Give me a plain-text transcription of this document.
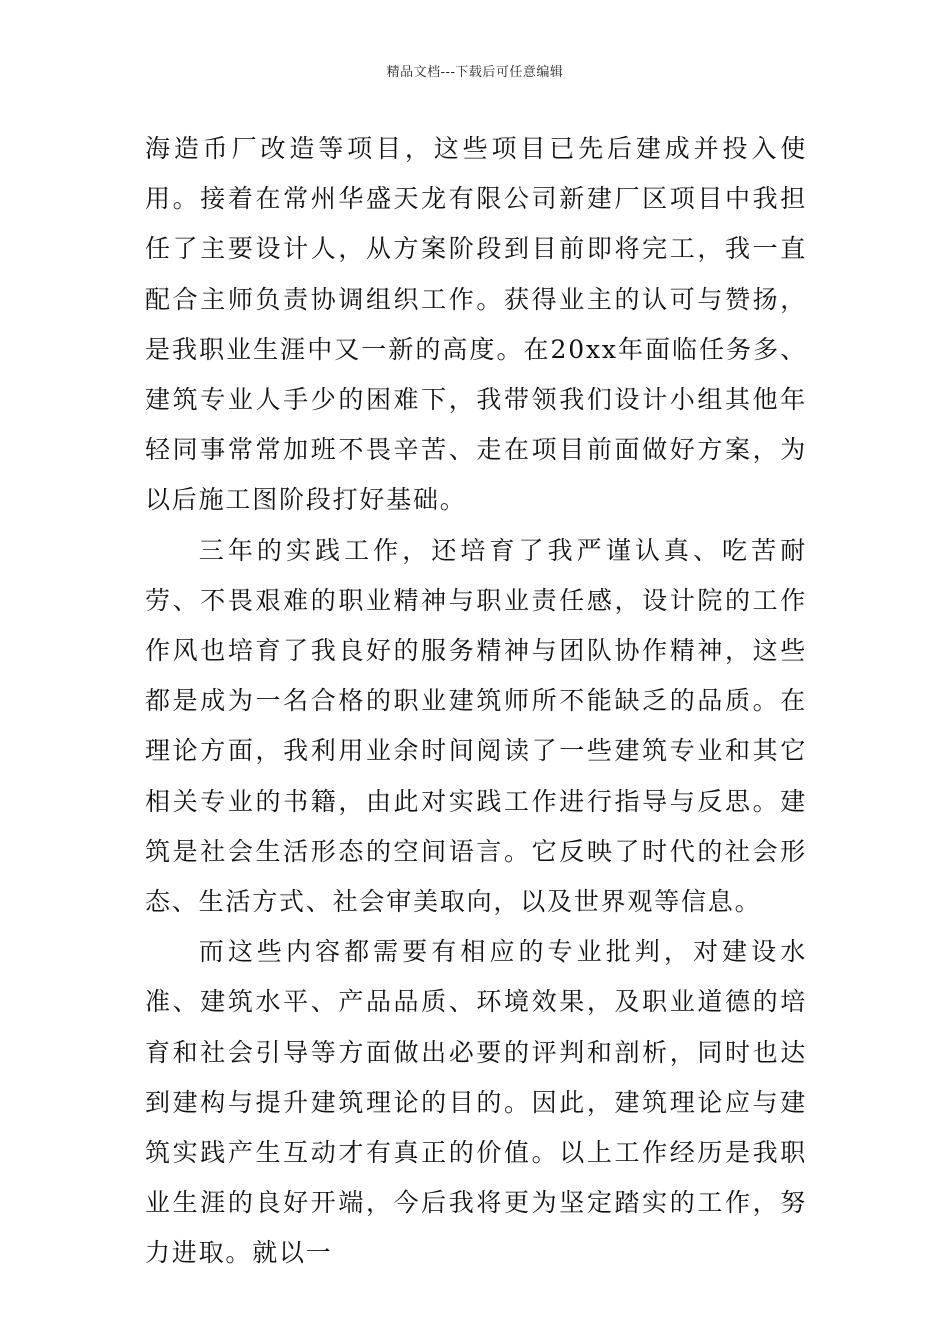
精品文档---下载后可任意编辑

海造币厂改造等项目，这些项目已先后建成并投入使用。接着在常州华盛天龙有限公司新建厂区项目中我担任了主要设计人，从方案阶段到目前即将完工，我一直配合主师负责协调组织工作。获得业主的认可与赞扬，是我职业生涯中又一新的高度。在20xx年面临任务多、建筑专业人手少的困难下，我带领我们设计小组其他年轻同事常常加班不畏辛苦、走在项目前面做好方案，为以后施工图阶段打好基础。

三年的实践工作，还培育了我严谨认真、吃苦耐劳、不畏艰难的职业精神与职业责任感，设计院的工作作风也培育了我良好的服务精神与团队协作精神，这些都是成为一名合格的职业建筑师所不能缺乏的品质。在理论方面，我利用业余时间阅读了一些建筑专业和其它相关专业的书籍，由此对实践工作进行指导与反思。建筑是社会生活形态的空间语言。它反映了时代的社会形态、生活方式、社会审美取向，以及世界观等信息。

而这些内容都需要有相应的专业批判，对建设水准、建筑水平、产品品质、环境效果，及职业道德的培育和社会引导等方面做出必要的评判和剖析，同时也达到建构与提升建筑理论的目的。因此，建筑理论应与建筑实践产生互动才有真正的价值。以上工作经历是我职业生涯的良好开端，今后我将更为坚定踏实的工作，努力进取。就以一
